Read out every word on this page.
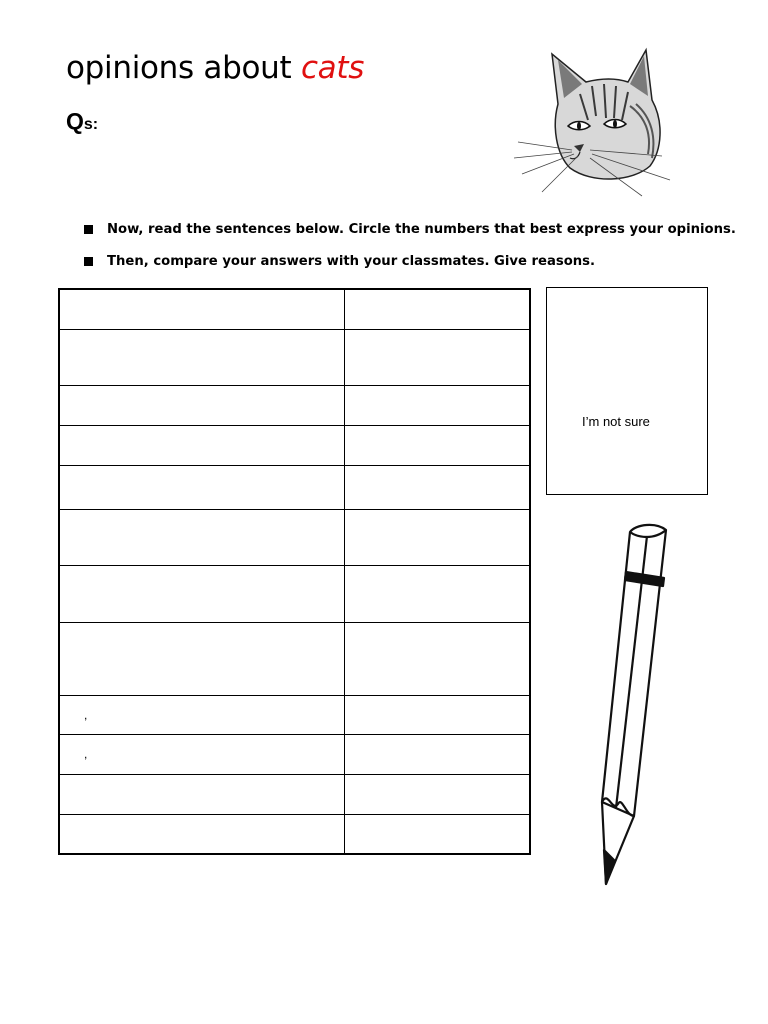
opinions about cats
Qs:
Now, read the sentences below. Circle the numbers that best express your opinions.
Then, compare your answers with your classmates. Give reasons.

,	
,	

I’m not sure
